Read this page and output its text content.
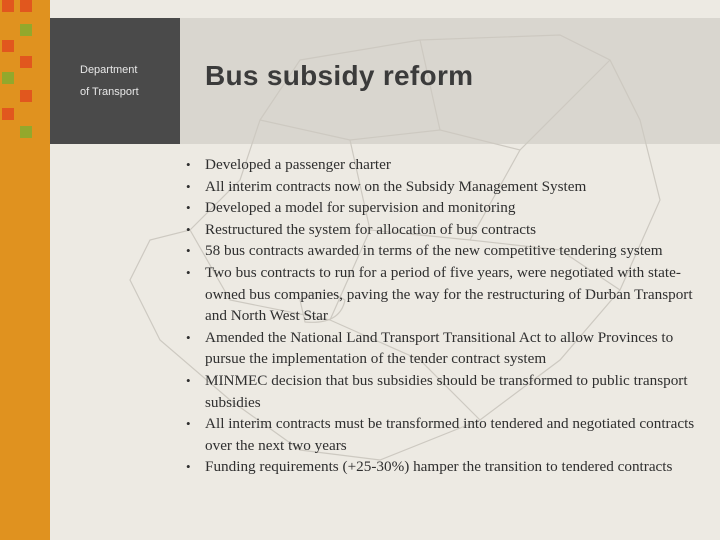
Department
of Transport
Bus subsidy reform
• Developed a passenger charter
• All interim contracts now on the Subsidy Management System
• Developed a model for supervision and monitoring
• Restructured the system for allocation of bus contracts
• 58 bus contracts awarded in terms of the new competitive tendering system
• Two bus contracts to run for a period of five years, were negotiated with state-owned bus companies, paving the way for the restructuring of Durban Transport and North West Star
• Amended the National Land Transport Transitional Act to allow Provinces to pursue the implementation of the tender contract system
• MINMEC decision that bus subsidies should be transformed to public transport subsidies
• All interim contracts must be transformed into tendered and negotiated contracts over the next two years
• Funding requirements (+25-30%) hamper the transition to tendered contracts
